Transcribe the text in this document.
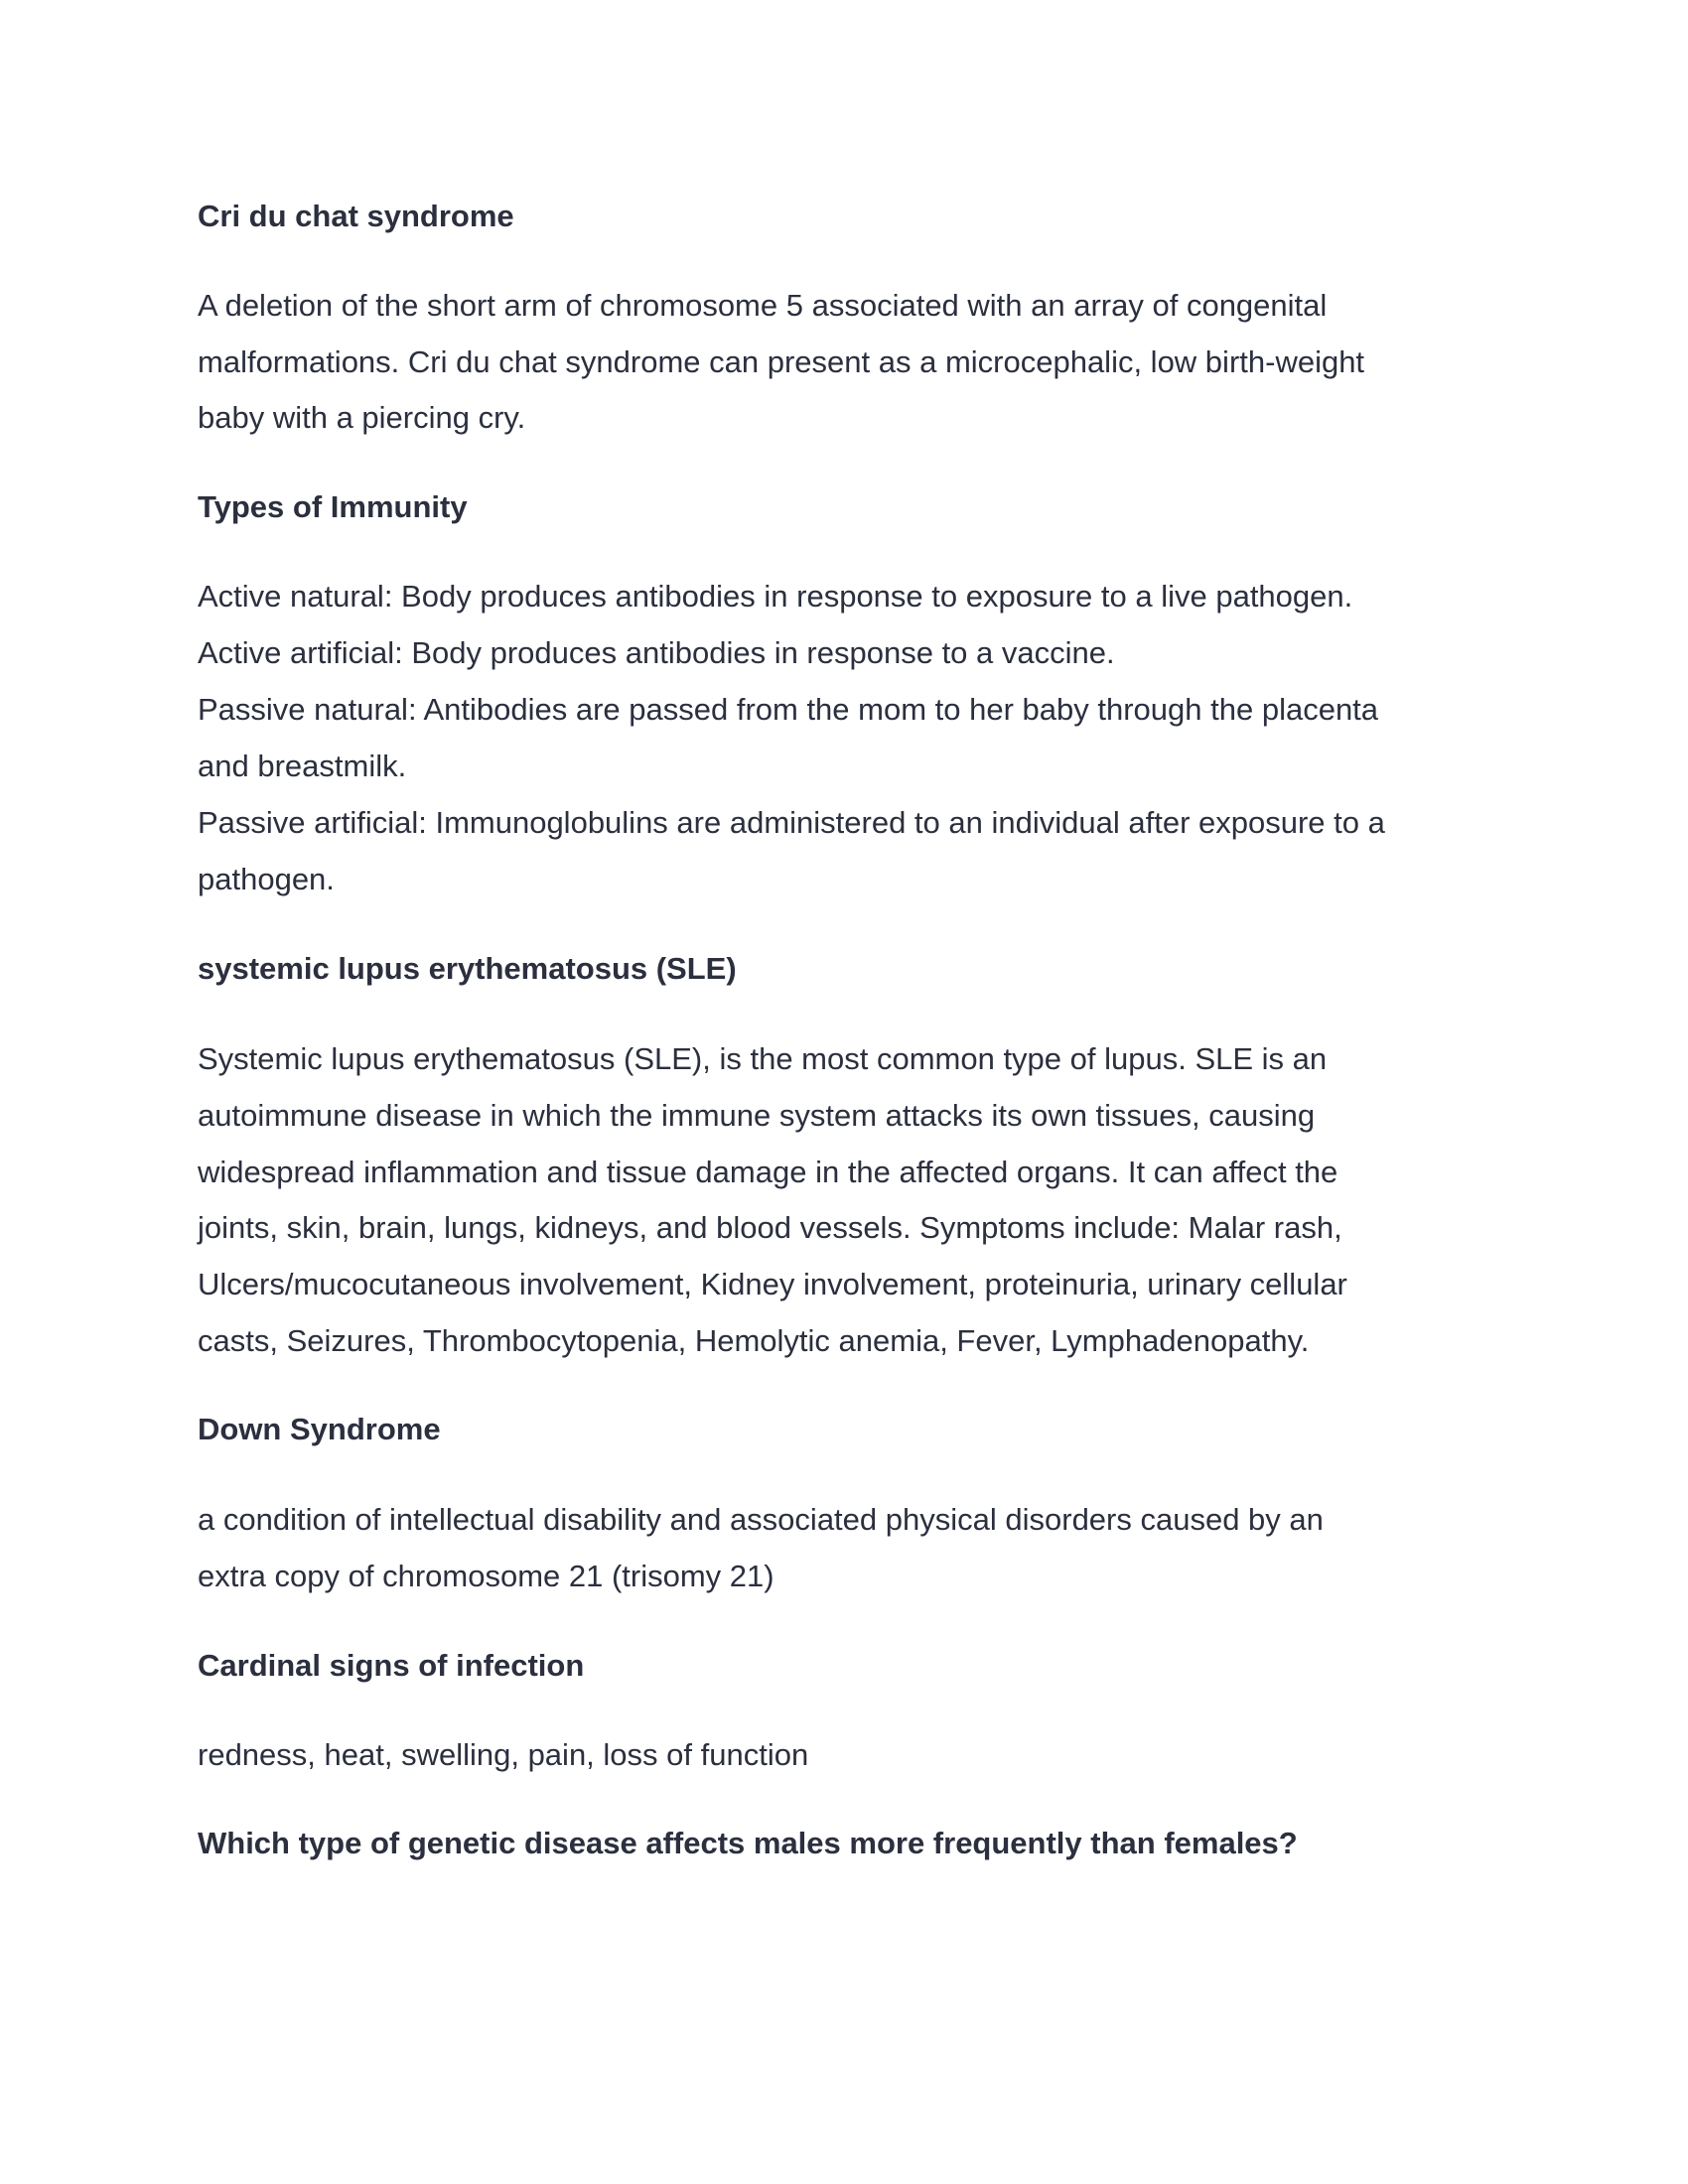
Cri du chat syndrome

A deletion of the short arm of chromosome 5 associated with an array of congenital

malformations. Cri du chat syndrome can present as a microcephalic, low birth-weight

baby with a piercing cry.

Types of Immunity

Active natural: Body produces antibodies in response to exposure to a live pathogen.

Active artificial: Body produces antibodies in response to a vaccine.

Passive natural: Antibodies are passed from the mom to her baby through the placenta

and breastmilk.

Passive artificial: Immunoglobulins are administered to an individual after exposure to a

pathogen.

systemic lupus erythematosus (SLE)

Systemic lupus erythematosus (SLE), is the most common type of lupus. SLE is an

autoimmune disease in which the immune system attacks its own tissues, causing

widespread inflammation and tissue damage in the affected organs. It can affect the

joints, skin, brain, lungs, kidneys, and blood vessels. Symptoms include: Malar rash,

Ulcers/mucocutaneous involvement, Kidney involvement, proteinuria, urinary cellular

casts, Seizures, Thrombocytopenia, Hemolytic anemia, Fever, Lymphadenopathy.

Down Syndrome

a condition of intellectual disability and associated physical disorders caused by an

extra copy of chromosome 21 (trisomy 21)

Cardinal signs of infection

redness, heat, swelling, pain, loss of function

Which type of genetic disease affects males more frequently than females?
